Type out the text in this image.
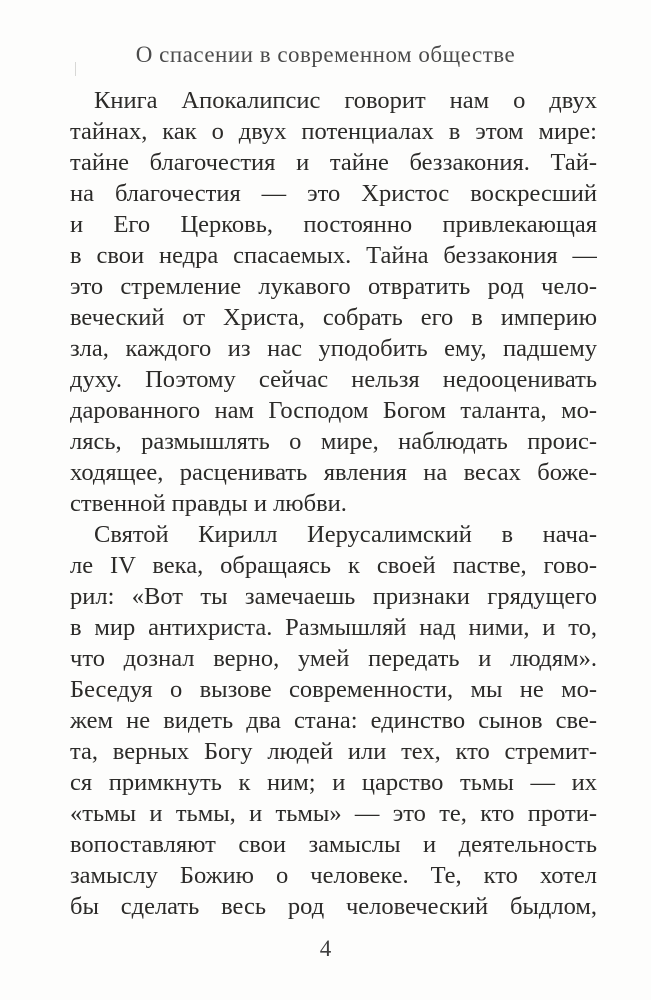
О спасении в современном обществе
Книга Апокалипсис говорит нам о двух
тайнах, как о двух потенциалах в этом мире:
тайне благочестия и тайне беззакония. Тай-
на благочестия — это Христос воскресший
и Его Церковь, постоянно привлекающая
в свои недра спасаемых. Тайна беззакония —
это стремление лукавого отвратить род чело-
веческий от Христа, собрать его в империю
зла, каждого из нас уподобить ему, падшему
духу. Поэтому сейчас нельзя недооценивать
дарованного нам Господом Богом таланта, мо-
лясь, размышлять о мире, наблюдать проис-
ходящее, расценивать явления на весах боже-
ственной правды и любви.
Святой Кирилл Иерусалимский в нача-
ле IV века, обращаясь к своей пастве, гово-
рил: «Вот ты замечаешь признаки грядущего
в мир антихриста. Размышляй над ними, и то,
что дознал верно, умей передать и людям».
Беседуя о вызове современности, мы не мо-
жем не видеть два стана: единство сынов све-
та, верных Богу людей или тех, кто стремит-
ся примкнуть к ним; и царство тьмы — их
«тьмы и тьмы, и тьмы» — это те, кто проти-
вопоставляют свои замыслы и деятельность
замыслу Божию о человеке. Те, кто хотел
бы сделать весь род человеческий быдлом,
4
